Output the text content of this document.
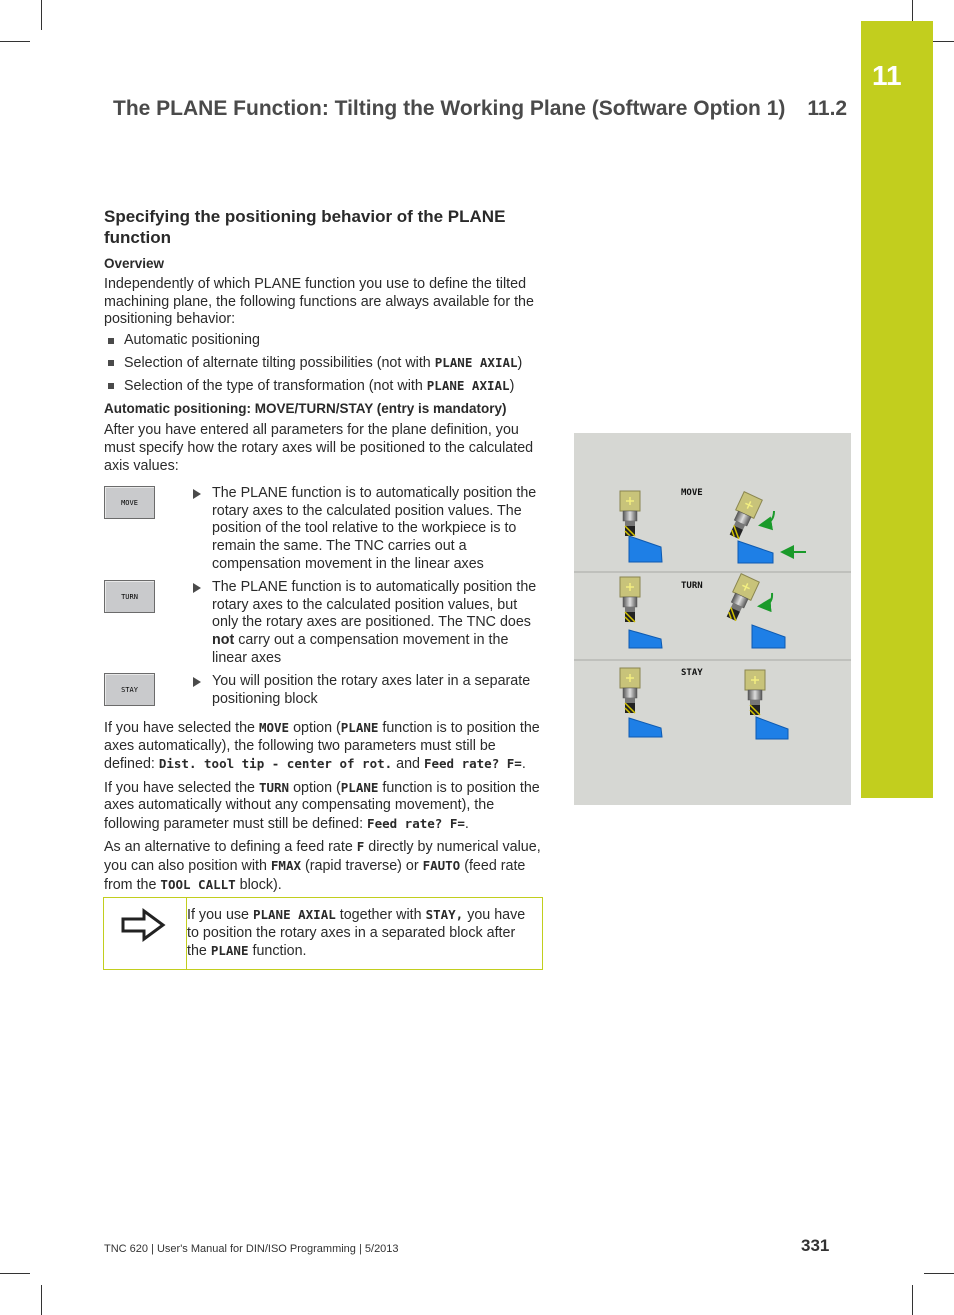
11
The PLANE Function: Tilting the Working Plane (Software Option 1) 11.2
Specifying the positioning behavior of the PLANE function
Overview

Independently of which PLANE function you use to define the tilted machining plane, the following functions are always available for the positioning behavior:

Automatic positioning
Selection of alternate tilting possibilities (not with PLANE AXIAL)
Selection of the type of transformation (not with PLANE AXIAL)
Automatic positioning: MOVE/TURN/STAY (entry is mandatory)

After you have entered all parameters for the plane definition, you must specify how the rotary axes will be positioned to the calculated axis values:

MOVE
The PLANE function is to automatically position the rotary axes to the calculated position values. The position of the tool relative to the workpiece is to remain the same. The TNC carries out a compensation movement in the linear axes
TURN
The PLANE function is to automatically position the rotary axes to the calculated position values, but only the rotary axes are positioned. The TNC does not carry out a compensation movement in the linear axes
STAY
You will position the rotary axes later in a separate positioning block

If you have selected the MOVE option (PLANE function is to position the axes automatically), the following two parameters must still be defined: Dist. tool tip - center of rot. and Feed rate? F=.

If you have selected the TURN option (PLANE function is to position the axes automatically without any compensating movement), the following parameter must still be defined: Feed rate? F=.

As an alternative to defining a feed rate F directly by numerical value, you can also position with FMAX (rapid traverse) or FAUTO (feed rate from the TOOL CALLT block).

If you use PLANE AXIAL together with STAY, you have to position the rotary axes in a separated block after the PLANE function.
MOVE
TURN
STAY
TNC 620 | User's Manual for DIN/ISO Programming | 5/2013	331
